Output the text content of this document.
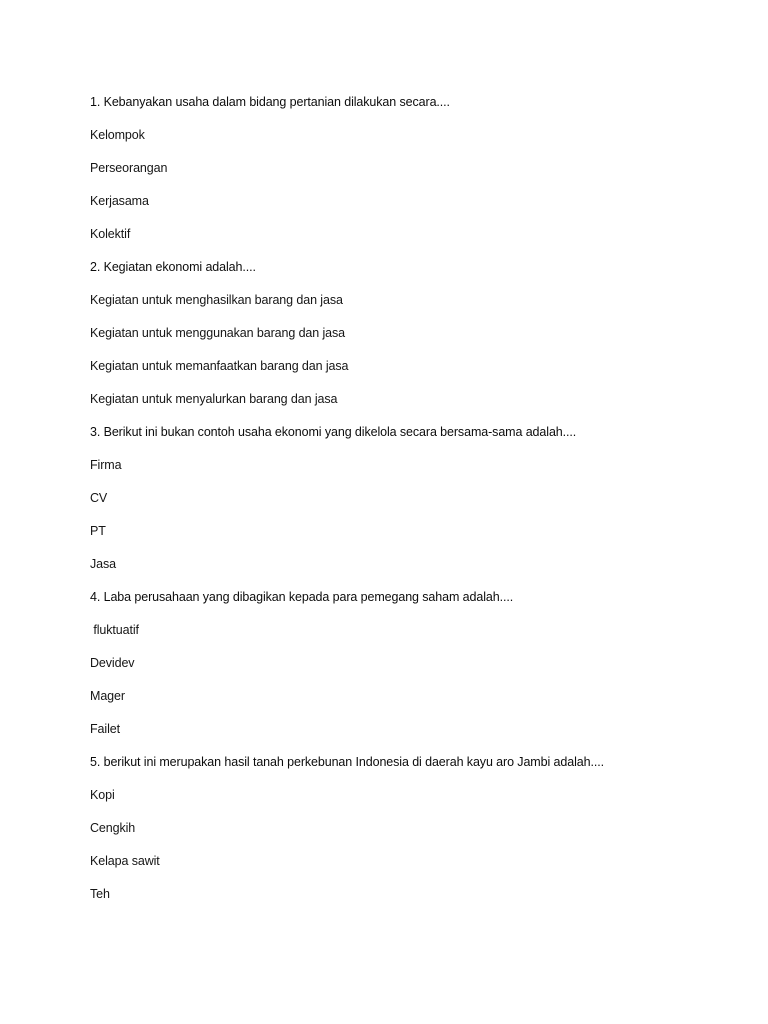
1. Kebanyakan usaha dalam bidang pertanian dilakukan secara....
Kelompok
Perseorangan
Kerjasama
Kolektif
2. Kegiatan ekonomi adalah....
Kegiatan untuk menghasilkan barang dan jasa
Kegiatan untuk menggunakan barang dan jasa
Kegiatan untuk memanfaatkan barang dan jasa
Kegiatan untuk menyalurkan barang dan jasa
3. Berikut ini bukan contoh usaha ekonomi yang dikelola secara bersama-sama adalah....
Firma
CV
PT
Jasa
4. Laba perusahaan yang dibagikan kepada para pemegang saham adalah....
fluktuatif
Devidev
Mager
Failet
5. berikut ini merupakan hasil tanah perkebunan Indonesia di daerah kayu aro Jambi adalah....
Kopi
Cengkih
Kelapa sawit
Teh
